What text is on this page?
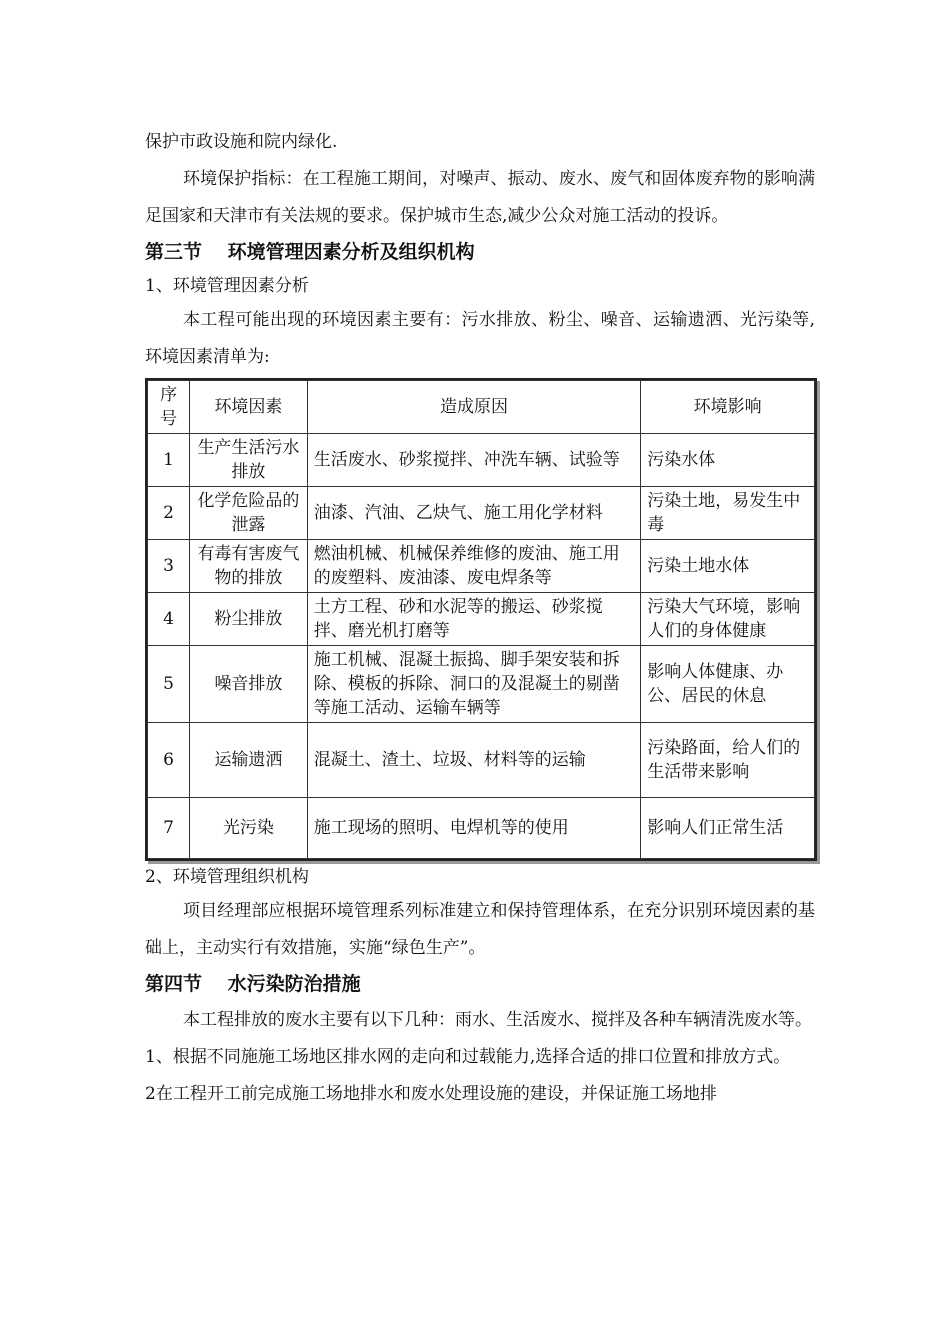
保护市政设施和院内绿化.

环境保护指标：在工程施工期间，对噪声、振动、废水、废气和固体废弃物的影响满足国家和天津市有关法规的要求。保护城市生态,减少公众对施工活动的投诉。

第三节　 环境管理因素分析及组织机构

1、环境管理因素分析

本工程可能出现的环境因素主要有：污水排放、粉尘、噪音、运输遗洒、光污染等,环境因素清单为:

序号	环境因素	造成原因	环境影响
1	生产生活污水排放	生活废水、砂浆搅拌、冲洗车辆、试验等	污染水体
2	化学危险品的泄露	油漆、汽油、乙炔气、施工用化学材料	污染土地，易发生中毒
3	有毒有害废气物的排放	燃油机械、机械保养维修的废油、施工用的废塑料、废油漆、废电焊条等	污染土地水体
4	粉尘排放	土方工程、砂和水泥等的搬运、砂浆搅拌、磨光机打磨等	污染大气环境，影响人们的身体健康
5	噪音排放	施工机械、混凝土振捣、脚手架安装和拆除、模板的拆除、洞口的及混凝土的剔凿等施工活动、运输车辆等	影响人体健康、办公、居民的休息
6	运输遗洒	混凝土、渣土、垃圾、材料等的运输	污染路面，给人们的生活带来影响
7	光污染	施工现场的照明、电焊机等的使用	影响人们正常生活

2、环境管理组织机构

项目经理部应根据环境管理系列标准建立和保持管理体系，在充分识别环境因素的基础上，主动实行有效措施，实施“绿色生产”。

第四节　 水污染防治措施

本工程排放的废水主要有以下几种：雨水、生活废水、搅拌及各种车辆清洗废水等。

1、根据不同施施工场地区排水网的走向和过载能力,选择合适的排口位置和排放方式。

2在工程开工前完成施工场地排水和废水处理设施的建设，并保证施工场地排
